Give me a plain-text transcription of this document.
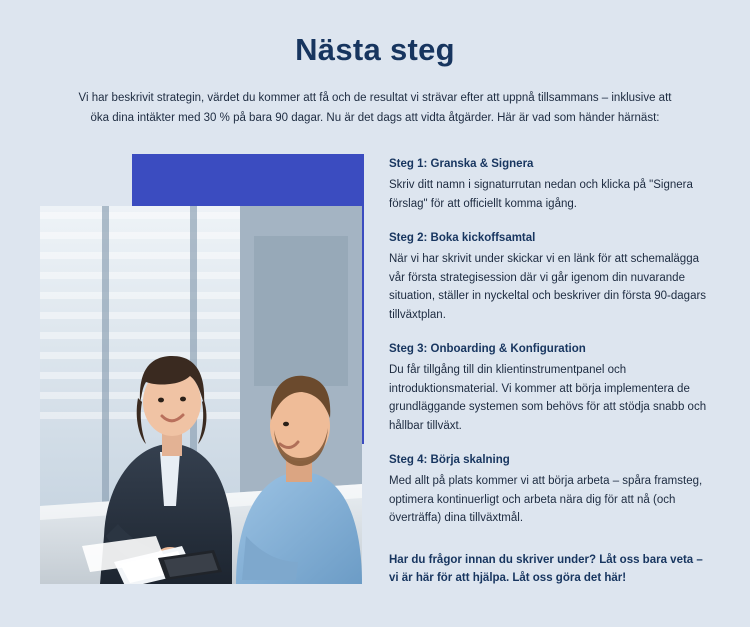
Nästa steg

Vi har beskrivit strategin, värdet du kommer att få och de resultat vi strävar efter att uppnå tillsammans – inklusive att öka dina intäkter med 30 % på bara 90 dagar. Nu är det dags att vidta åtgärder. Här är vad som händer härnäst:

Steg 1: Granska & Signera

Skriv ditt namn i signaturrutan nedan och klicka på "Signera förslag" för att officiellt komma igång.

Steg 2: Boka kickoffsamtal

När vi har skrivit under skickar vi en länk för att schemalägga vår första strategisession där vi går igenom din nuvarande situation, ställer in nyckeltal och beskriver din första 90-dagars tillväxtplan.

Steg 3: Onboarding & Konfiguration

Du får tillgång till din klientinstrumentpanel och introduktionsmaterial. Vi kommer att börja implementera de grundläggande systemen som behövs för att stödja snabb och hållbar tillväxt.

Steg 4: Börja skalning

Med allt på plats kommer vi att börja arbeta – spåra framsteg, optimera kontinuerligt och arbeta nära dig för att nå (och överträffa) dina tillväxtmål.

Har du frågor innan du skriver under? Låt oss bara veta – vi är här för att hjälpa. Låt oss göra det här!
